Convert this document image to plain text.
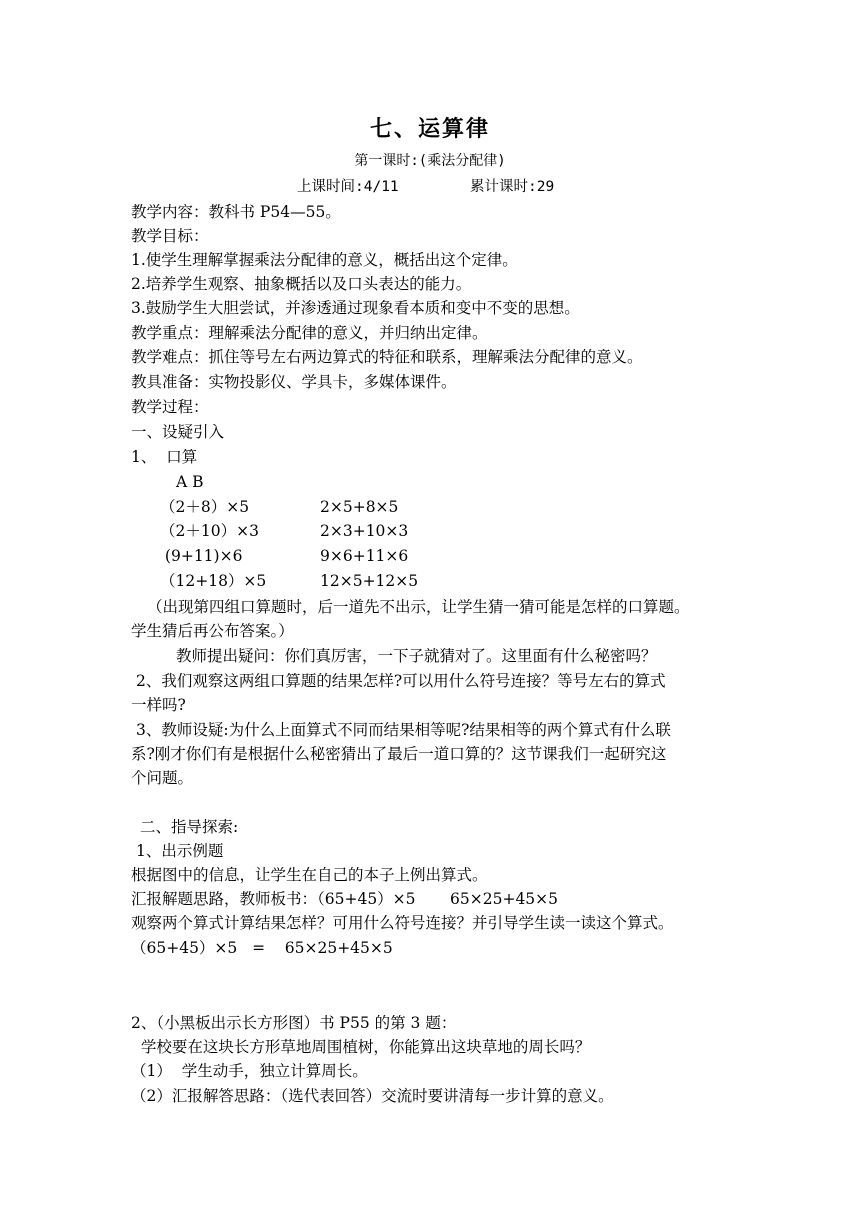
七、运算律
第一课时:(乘法分配律)
上课时间:4/11	累计课时:29
教学内容：教科书 P54—55。
教学目标：
1.使学生理解掌握乘法分配律的意义，概括出这个定律。
2.培养学生观察、抽象概括以及口头表达的能力。
3.鼓励学生大胆尝试，并渗透通过现象看本质和变中不变的思想。
教学重点：理解乘法分配律的意义，并归纳出定律。
教学难点：抓住等号左右两边算式的特征和联系，理解乘法分配律的意义。
教具准备：实物投影仪、学具卡，多媒体课件。
教学过程：
一、设疑引入
1、  口算
A B
（2＋8）×5	2×5+8×5
（2＋10）×3	2×3+10×3
(9+11)×6	9×6+11×6
（12+18）×5	12×5+12×5
（出现第四组口算题时，后一道先不出示，让学生猜一猜可能是怎样的口算题。
学生猜后再公布答案。）
教师提出疑问：你们真厉害，一下子就猜对了。这里面有什么秘密吗？
2、我们观察这两组口算题的结果怎样?可以用什么符号连接？等号左右的算式
一样吗?
3、教师设疑:为什么上面算式不同而结果相等呢?结果相等的两个算式有什么联
系?刚才你们有是根据什么秘密猜出了最后一道口算的？这节课我们一起研究这
个问题。
二、指导探索:
1、出示例题
根据图中的信息，让学生在自己的本子上例出算式。
汇报解题思路，教师板书：（65+45）×5       65×25+45×5
观察两个算式计算结果怎样？可用什么符号连接？并引导学生读一读这个算式。
（65+45）×5   =    65×25+45×5
2、（小黑板出示长方形图）书 P55 的第 3 题：
学校要在这块长方形草地周围植树，你能算出这块草地的周长吗？
（1）  学生动手，独立计算周长。
（2）汇报解答思路：（选代表回答）交流时要讲清每一步计算的意义。
